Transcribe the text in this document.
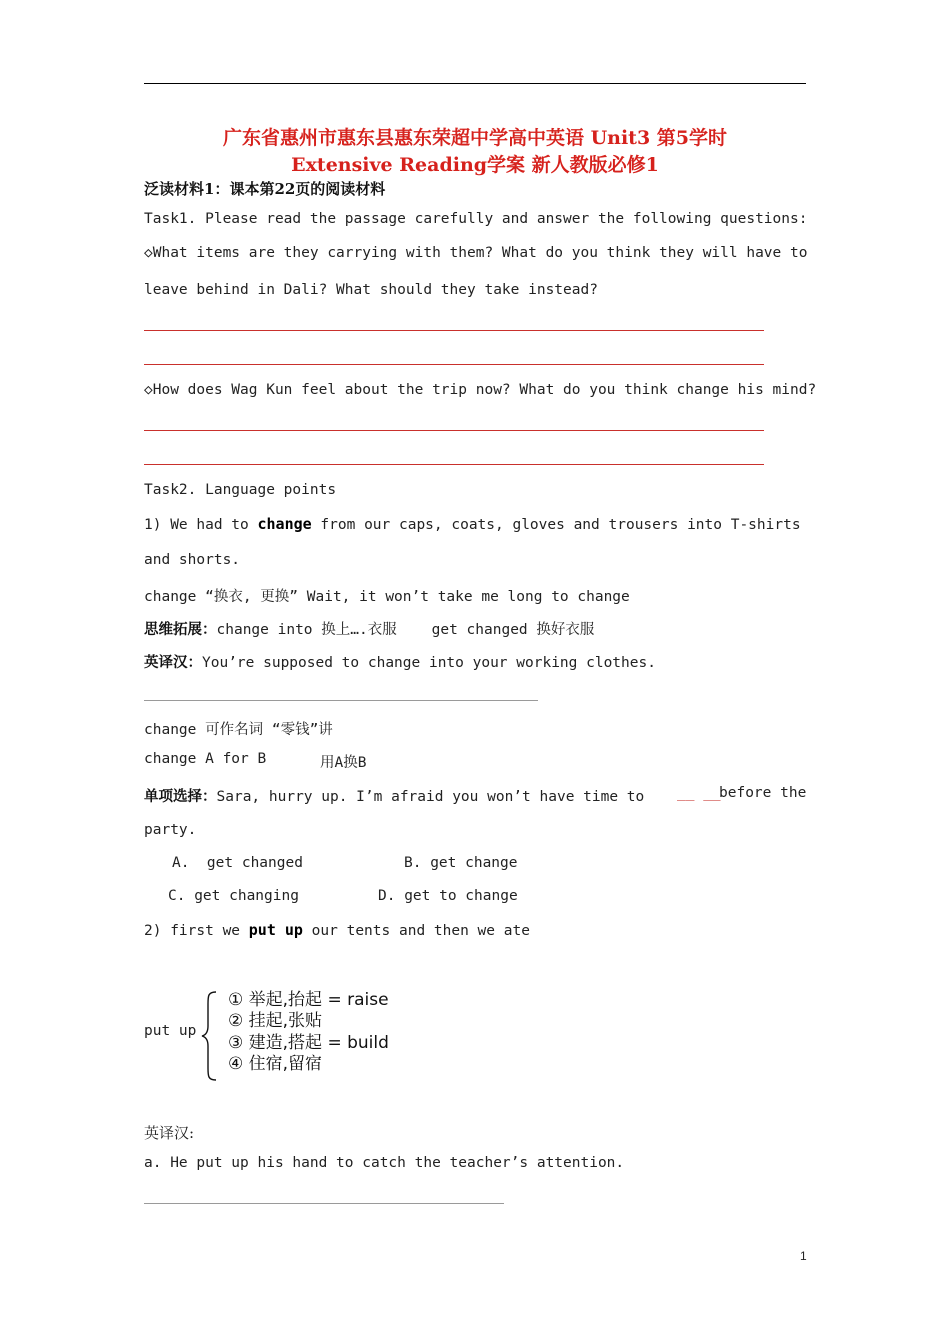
广东省惠州市惠东县惠东荣超中学高中英语 Unit3 第5学时
Extensive Reading学案 新人教版必修1
泛读材料1：课本第22页的阅读材料
Task1. Please read the passage carefully and answer the following questions:
◇What items are they carrying with them? What do you think they will have to
leave behind in Dali? What should they take instead?
◇How does Wag Kun feel about the trip now? What do you think change his mind?
Task2. Language points
1) We had to change from our caps, coats, gloves and trousers into T-shirts
and shorts.
change “换衣, 更换” Wait, it won’t take me long to change
思维拓展：change into 换上….衣服    get changed 换好衣服
英译汉：You’re supposed to change into your working clothes.
change 可作名词 “零钱”讲
change A for B	用A换B
单项选择：Sara, hurry up. I’m afraid you won’t have time to __ __
before the
party.
A.  get changed	B. get change
C. get changing	D. get to change
2) first we put up our tents and then we ate
put up
① 举起,抬起 = raise
② 挂起,张贴
③ 建造,搭起 = build
④ 住宿,留宿
英译汉:
a. He put up his hand to catch the teacher’s attention.
1
